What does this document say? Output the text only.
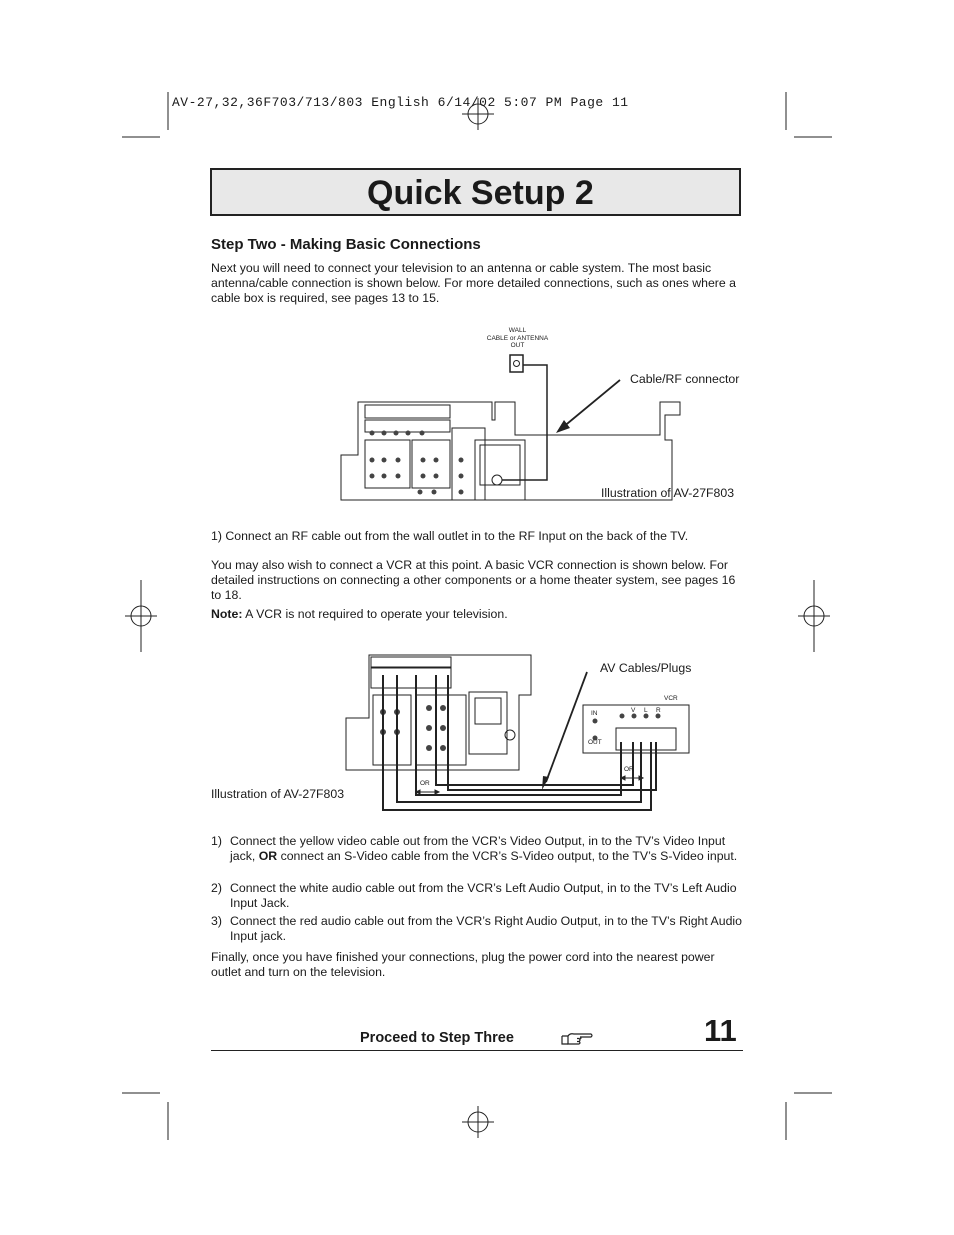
AV-27,32,36F703/713/803 English 6/14/02 5:07 PM Page 11
Quick Setup 2
Step Two - Making Basic Connections
Next you will need to connect your television to an antenna or cable system. The most basic antenna/cable connection is shown below. For more detailed connections, such as ones where a cable box is required, see pages 13 to 15.
WALL
CABLE or ANTENNA
OUT
Cable/RF connector
Illustration of AV-27F803
1) Connect an RF cable out from the wall outlet in to the RF Input on the back of the TV.
You may also wish to connect a VCR at this point. A basic VCR connection is shown below. For detailed instructions on connecting a other components or a home theater system, see pages 16 to 18.
Note: A VCR is not required to operate your television.
VCR
IN
OUT
V L R
OR
OR
AV Cables/Plugs
Illustration of AV-27F803
1) Connect the yellow video cable out from the VCR’s Video Output, in to the TV’s Video Input jack, OR connect an S-Video cable from the VCR’s S-Video output, to the TV’s S-Video input.
2) Connect the white audio cable out from the VCR’s Left Audio Output, in to the TV’s Left Audio Input Jack.
3) Connect the red audio cable out from the VCR’s Right Audio Output, in to the TV’s Right Audio Input jack.
Finally, once you have finished your connections, plug the power cord into the nearest power outlet and turn on the television.
Proceed to Step Three	11
